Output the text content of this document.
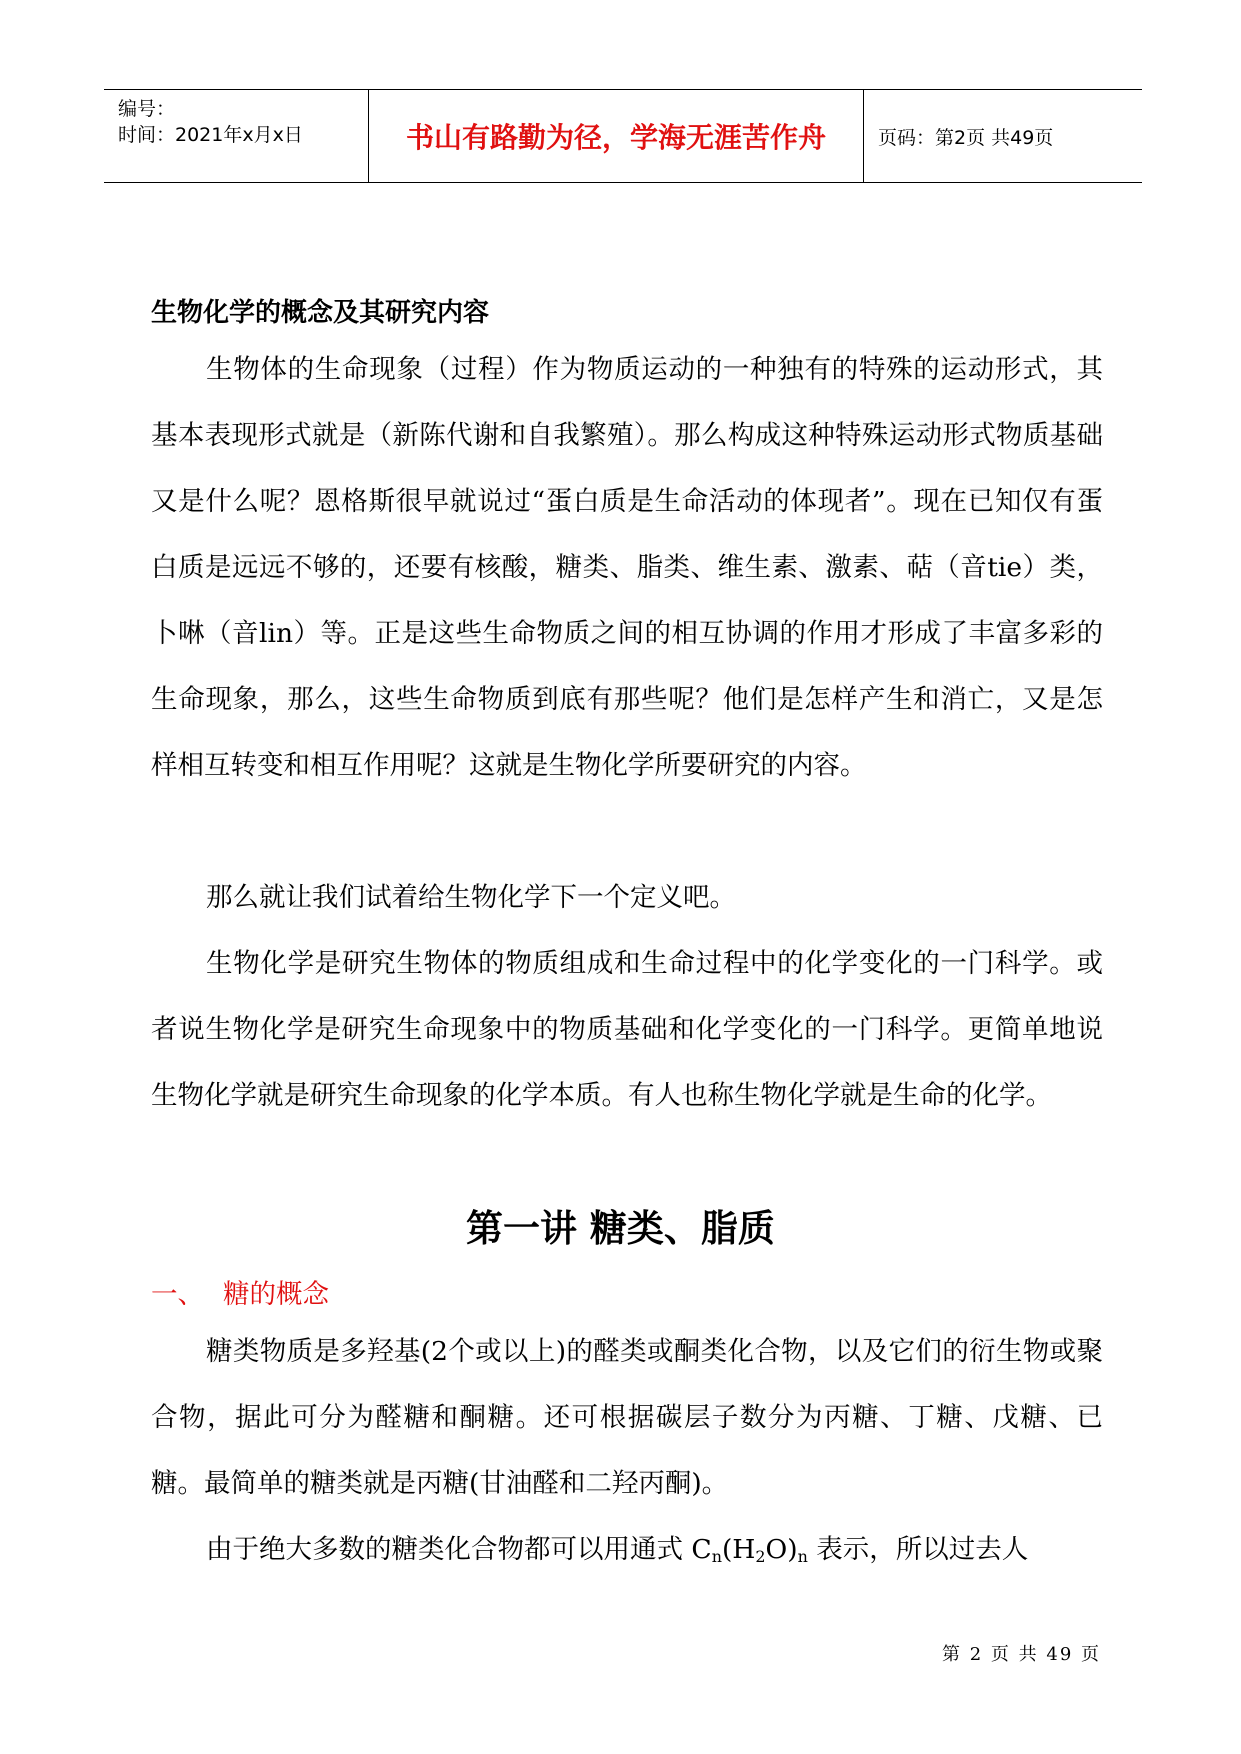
编号：
时间：2021年x月x日	书山有路勤为径，学海无涯苦作舟	页码：第2页 共49页
生物化学的概念及其研究内容

生物体的生命现象（过程）作为物质运动的一种独有的特殊的运动形式，其基本表现形式就是（新陈代谢和自我繁殖）。那么构成这种特殊运动形式物质基础又是什么呢？恩格斯很早就说过“蛋白质是生命活动的体现者”。现在已知仅有蛋白质是远远不够的，还要有核酸，糖类、脂类、维生素、激素、萜（音tie）类，卜啉（音lin）等。正是这些生命物质之间的相互协调的作用才形成了丰富多彩的生命现象，那么，这些生命物质到底有那些呢？他们是怎样产生和消亡，又是怎样相互转变和相互作用呢？这就是生物化学所要研究的内容。

那么就让我们试着给生物化学下一个定义吧。

生物化学是研究生物体的物质组成和生命过程中的化学变化的一门科学。或者说生物化学是研究生命现象中的物质基础和化学变化的一门科学。更简单地说生物化学就是研究生命现象的化学本质。有人也称生物化学就是生命的化学。

第一讲 糖类、脂质
一、 糖的概念

糖类物质是多羟基(2个或以上)的醛类或酮类化合物，以及它们的衍生物或聚合物，据此可分为醛糖和酮糖。还可根据碳层子数分为丙糖、丁糖、戊糖、已糖。最简单的糖类就是丙糖(甘油醛和二羟丙酮)。

由于绝大多数的糖类化合物都可以用通式 $C_n(H_2O)_n$ 表示，所以过去人

第 2 页 共 49 页
